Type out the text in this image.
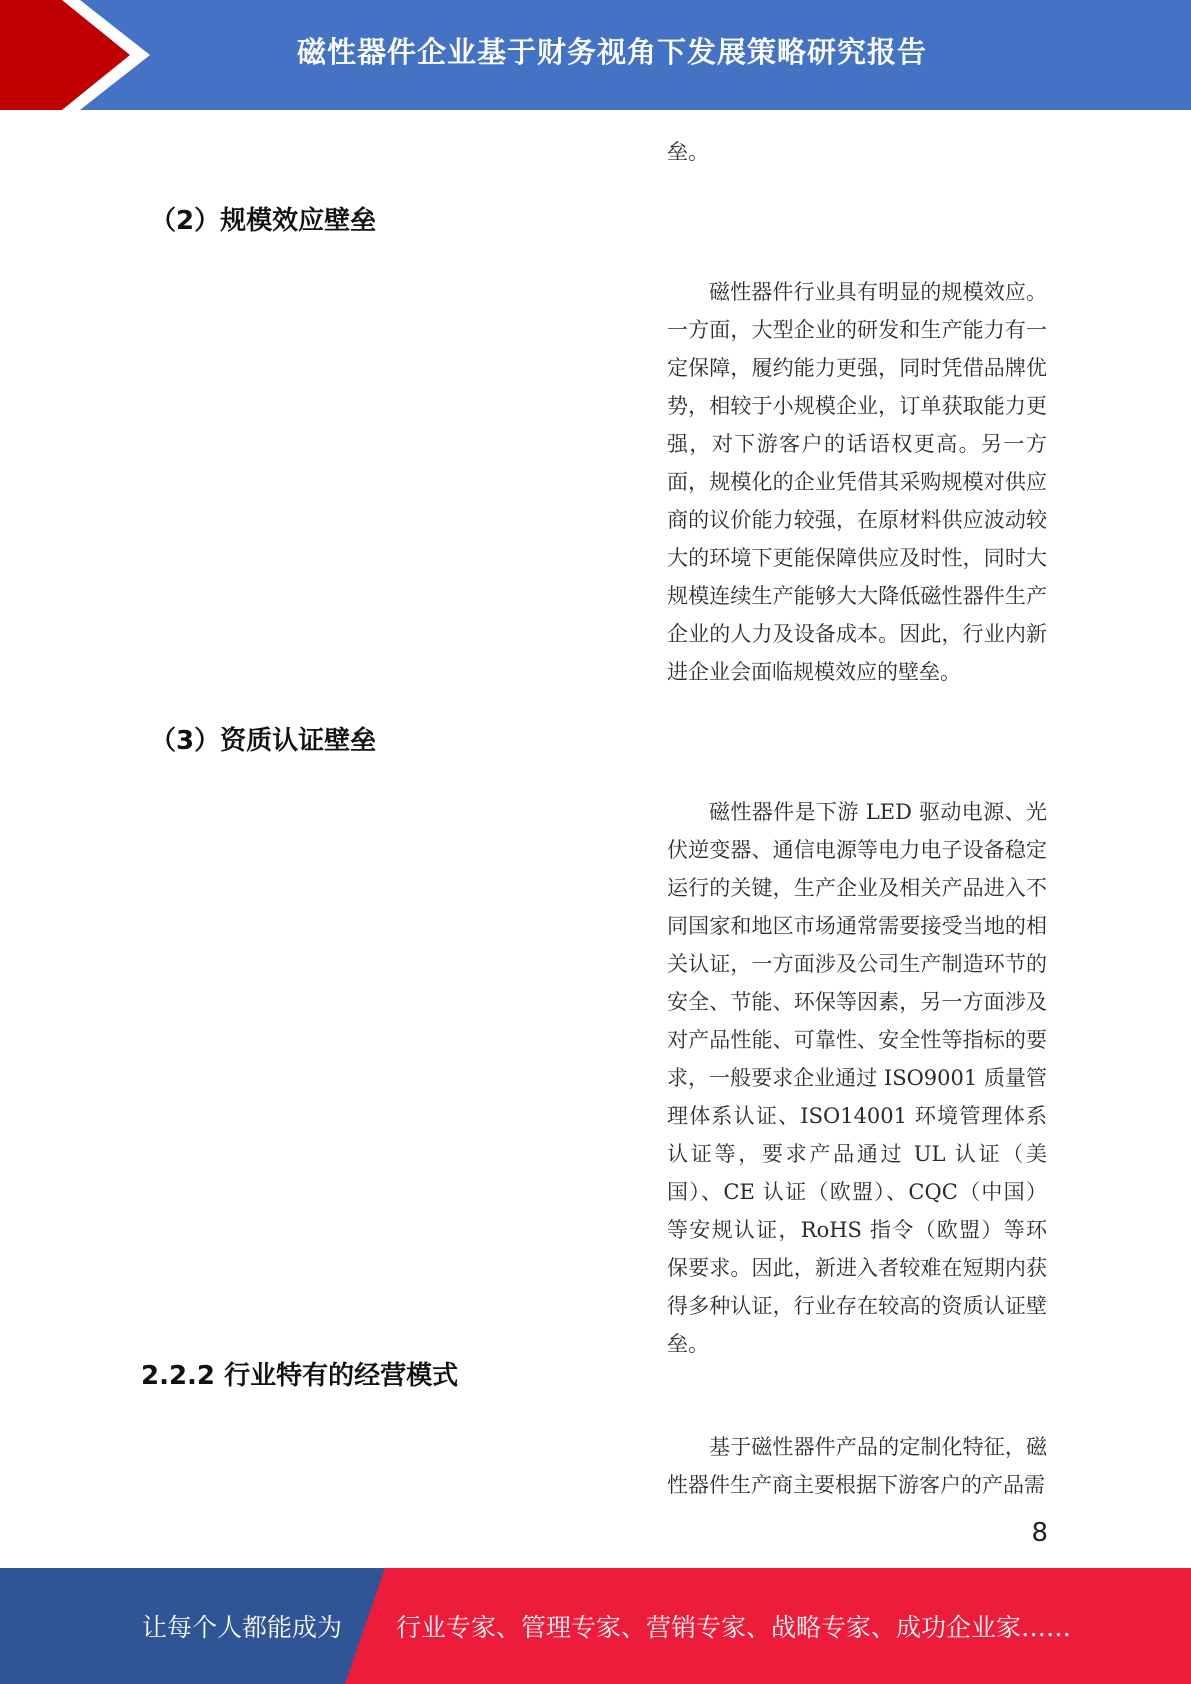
磁性器件企业基于财务视角下发展策略研究报告

垒。

（2）规模效应壁垒

磁性器件行业具有明显的规模效应。一方面，大型企业的研发和生产能力有一定保障，履约能力更强，同时凭借品牌优势，相较于小规模企业，订单获取能力更强，对下游客户的话语权更高。另一方面，规模化的企业凭借其采购规模对供应商的议价能力较强，在原材料供应波动较大的环境下更能保障供应及时性，同时大规模连续生产能够大大降低磁性器件生产企业的人力及设备成本。因此，行业内新进企业会面临规模效应的壁垒。

（3）资质认证壁垒

磁性器件是下游 LED 驱动电源、光伏逆变器、通信电源等电力电子设备稳定运行的关键，生产企业及相关产品进入不同国家和地区市场通常需要接受当地的相关认证，一方面涉及公司生产制造环节的安全、节能、环保等因素，另一方面涉及对产品性能、可靠性、安全性等指标的要求，一般要求企业通过 ISO9001 质量管理体系认证、ISO14001 环境管理体系认证等，要求产品通过 UL 认证（美国）、CE 认证（欧盟）、CQC（中国）等安规认证，RoHS 指令（欧盟）等环保要求。因此，新进入者较难在短期内获得多种认证，行业存在较高的资质认证壁垒。

2.2.2 行业特有的经营模式

基于磁性器件产品的定制化特征，磁性器件生产商主要根据下游客户的产品需

8
让每个人都能成为 行业专家、管理专家、营销专家、战略专家、成功企业家……
